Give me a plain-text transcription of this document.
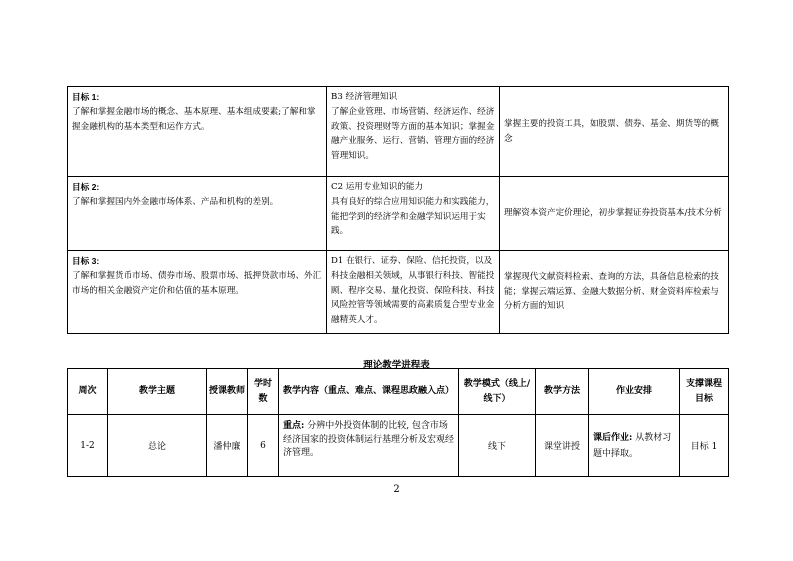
目标 1:
了解和掌握金融市场的概念、基本原理、基本组成要素;了解和掌握金融机构的基本类型和运作方式。	B3 经济管理知识
了解企业管理、市场营销、经济运作、经济政策、投资理财等方面的基本知识；掌握金融产业服务、运行、营销、管理方面的经济管理知识。	掌握主要的投资工具，如股票、债券、基金、期货等的概念

目标 2:
了解和掌握国内外金融市场体系、产品和机构的差别。	C2 运用专业知识的能力
具有良好的综合应用知识能力和实践能力，能把学到的经济学和金融学知识运用于实践。	理解资本资产定价理论，初步掌握证券投资基本/技术分析

目标 3:
了解和掌握货币市场、债券市场、股票市场、抵押贷款市场、外汇市场的相关金融资产定价和估值的基本原理。	D1 在银行、证券、保险、信托投资，以及科技金融相关领域，从事银行科技、智能投顾、程序交易、量化投资、保险科技、科技风险控管等领域需要的高素质复合型专业金融精英人才。	掌握现代文献资料检索、查询的方法，具备信息检索的技能；掌握云端运算、金融大数据分析、财金资料库检索与分析方面的知识
理论教学进程表
周次	教学主题	授课教师	学时数	教学内容（重点、难点、课程思政融入点）	教学模式（线上/线下）	教学方法	作业安排	支撑课程目标
1-2	总论	潘仲廉	6	重点: 分辨中外投资体制的比较, 包含市场经济国家的投资体制运行基理分析及宏观经济管理。	线下	课堂讲授	课后作业: 从教材习题中择取。	目标 1
2
